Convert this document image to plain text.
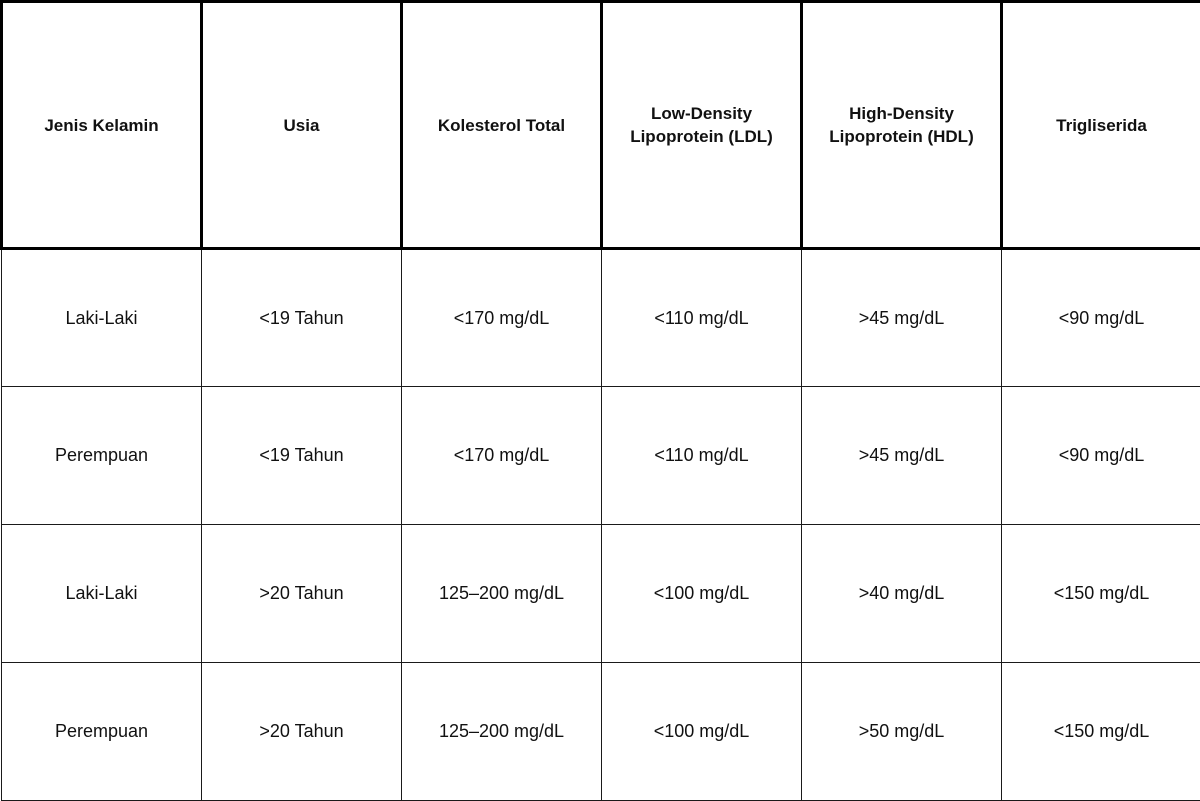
Jenis Kelamin	Usia	Kolesterol Total	Low-Density Lipoprotein (LDL)	High-Density Lipoprotein (HDL)	Trigliserida
Laki-Laki	<19 Tahun	<170 mg/dL	<110 mg/dL	>45 mg/dL	<90 mg/dL
Perempuan	<19 Tahun	<170 mg/dL	<110 mg/dL	>45 mg/dL	<90 mg/dL
Laki-Laki	>20 Tahun	125–200 mg/dL	<100 mg/dL	>40 mg/dL	<150 mg/dL
Perempuan	>20 Tahun	125–200 mg/dL	<100 mg/dL	>50 mg/dL	<150 mg/dL
